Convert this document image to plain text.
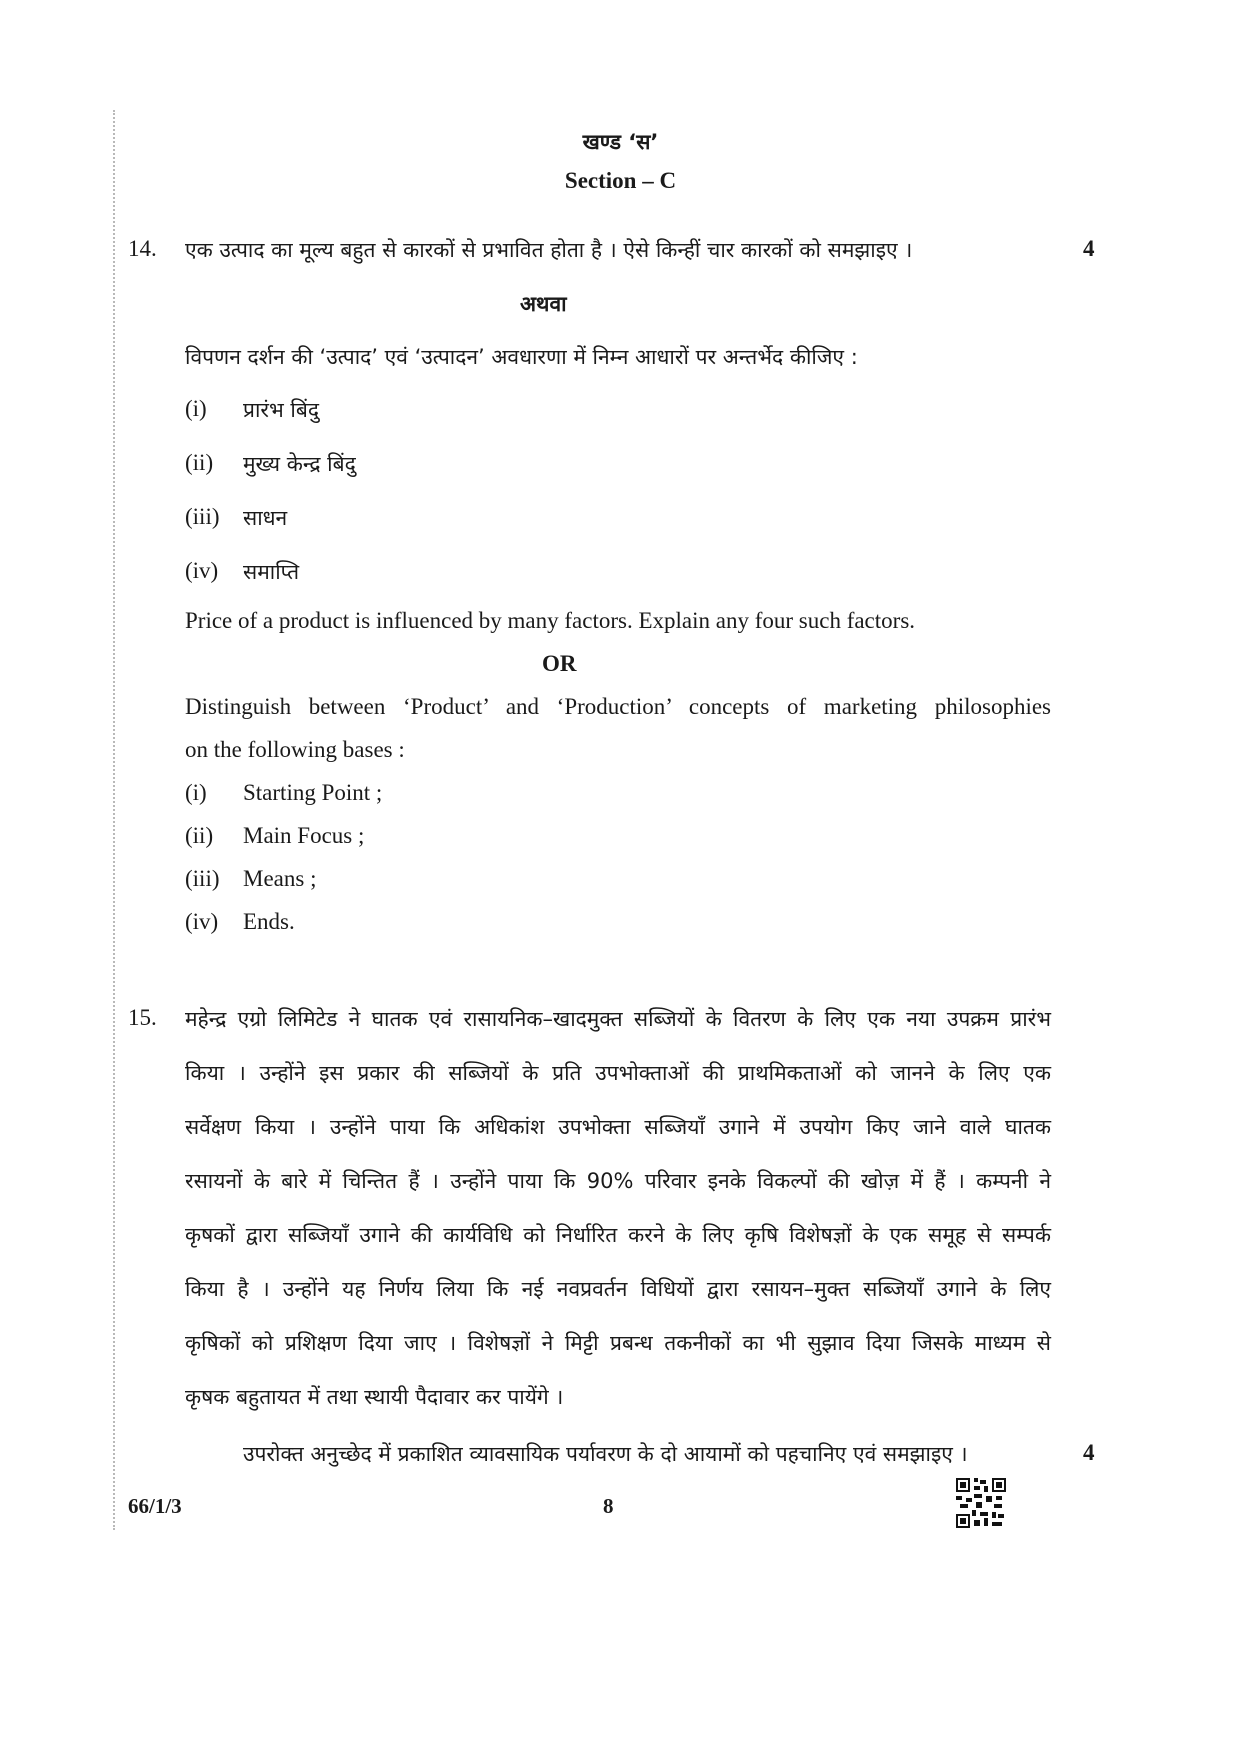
खण्ड ‘स’
Section – C
14. एक उत्पाद का मूल्य बहुत से कारकों से प्रभावित होता है । ऐसे किन्हीं चार कारकों को समझाइए ।	4
अथवा
विपणन दर्शन की ‘उत्पाद’ एवं ‘उत्पादन’ अवधारणा में निम्न आधारों पर अन्तर्भेद कीजिए :
(i) प्रारंभ बिंदु
(ii) मुख्य केन्द्र बिंदु
(iii) साधन
(iv) समाप्ति
Price of a product is influenced by many factors. Explain any four such factors.
OR
Distinguish between ‘Product’ and ‘Production’ concepts of marketing philosophies
on the following bases :
(i) Starting Point ;
(ii) Main Focus ;
(iii) Means ;
(iv) Ends.
15. महेन्द्र एग्रो लिमिटेड ने घातक एवं रासायनिक–खादमुक्त सब्जियों के वितरण के लिए एक नया उपक्रम प्रारंभ
किया । उन्होंने इस प्रकार की सब्जियों के प्रति उपभोक्ताओं की प्राथमिकताओं को जानने के लिए एक
सर्वेक्षण किया । उन्होंने पाया कि अधिकांश उपभोक्ता सब्जियाँ उगाने में उपयोग किए जाने वाले घातक
रसायनों के बारे में चिन्तित हैं । उन्होंने पाया कि 90% परिवार इनके विकल्पों की खोज़ में हैं । कम्पनी ने
कृषकों द्वारा सब्जियाँ उगाने की कार्यविधि को निर्धारित करने के लिए कृषि विशेषज्ञों के एक समूह से सम्पर्क
किया है । उन्होंने यह निर्णय लिया कि नई नवप्रवर्तन विधियों द्वारा रसायन–मुक्त सब्जियाँ उगाने के लिए
कृषिकों को प्रशिक्षण दिया जाए । विशेषज्ञों ने मिट्टी प्रबन्ध तकनीकों का भी सुझाव दिया जिसके माध्यम से
कृषक बहुतायत में तथा स्थायी पैदावार कर पायेंगे ।
उपरोक्त अनुच्छेद में प्रकाशित व्यावसायिक पर्यावरण के दो आयामों को पहचानिए एवं समझाइए ।	4
66/1/3	8
